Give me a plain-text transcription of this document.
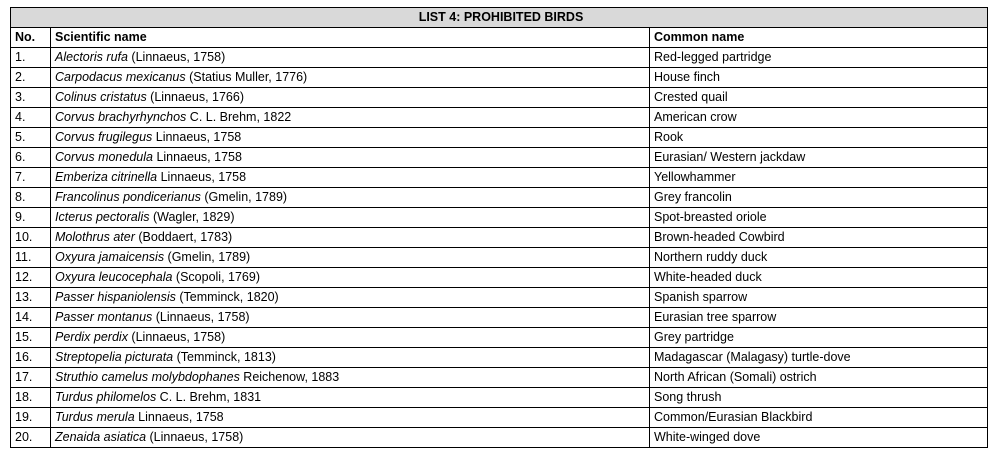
LIST 4: PROHIBITED BIRDS		
No.	Scientific name	Common name
1.	Alectoris rufa (Linnaeus, 1758)	Red-legged partridge
2.	Carpodacus mexicanus (Statius Muller, 1776)	House finch
3.	Colinus cristatus (Linnaeus, 1766)	Crested quail
4.	Corvus brachyrhynchos C. L. Brehm, 1822	American crow
5.	Corvus frugilegus Linnaeus, 1758	Rook
6.	Corvus monedula Linnaeus, 1758	Eurasian/ Western jackdaw
7.	Emberiza citrinella Linnaeus, 1758	Yellowhammer
8.	Francolinus pondicerianus (Gmelin, 1789)	Grey francolin
9.	Icterus pectoralis (Wagler, 1829)	Spot-breasted oriole
10.	Molothrus ater (Boddaert, 1783)	Brown-headed Cowbird
11.	Oxyura jamaicensis (Gmelin, 1789)	Northern ruddy duck
12.	Oxyura leucocephala (Scopoli, 1769)	White-headed duck
13.	Passer hispaniolensis (Temminck, 1820)	Spanish sparrow
14.	Passer montanus (Linnaeus, 1758)	Eurasian tree sparrow
15.	Perdix perdix (Linnaeus, 1758)	Grey partridge
16.	Streptopelia picturata (Temminck, 1813)	Madagascar (Malagasy) turtle-dove
17.	Struthio camelus molybdophanes Reichenow, 1883	North African (Somali) ostrich
18.	Turdus philomelos C. L. Brehm, 1831	Song thrush
19.	Turdus merula Linnaeus, 1758	Common/Eurasian Blackbird
20.	Zenaida asiatica (Linnaeus, 1758)	White-winged dove
